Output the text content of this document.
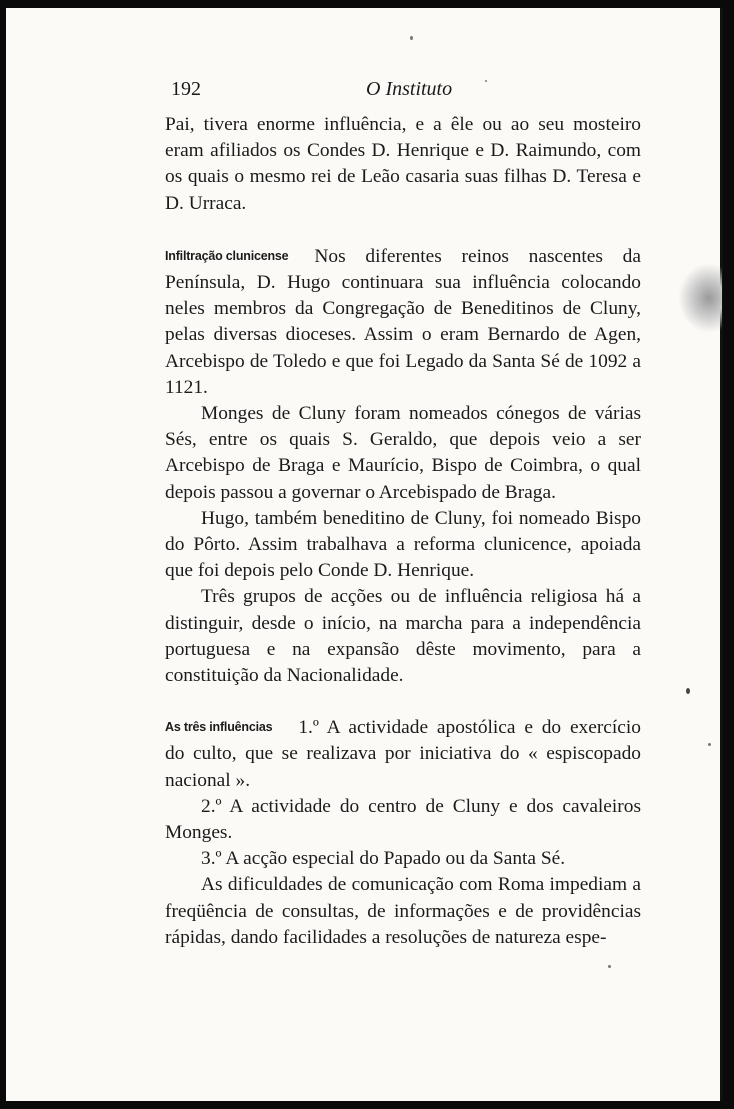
192	O Instituto

Pai, tivera enorme influência, e a êle ou ao seu mosteiro eram afiliados os Condes D. Henrique e D. Raimundo, com os quais o mesmo rei de Leão casaria suas filhas D. Teresa e D. Urraca.

Infiltração clunicense Nos diferentes reinos nascentes da Península, D. Hugo continuara sua influência colocando neles membros da Congregação de Beneditinos de Cluny, pelas diversas dioceses. Assim o eram Bernardo de Agen, Arcebispo de Toledo e que foi Legado da Santa Sé de 1092 a 1121.

Monges de Cluny foram nomeados cónegos de várias Sés, entre os quais S. Geraldo, que depois veio a ser Arcebispo de Braga e Maurício, Bispo de Coimbra, o qual depois passou a governar o Arcebispado de Braga.

Hugo, também beneditino de Cluny, foi nomeado Bispo do Pôrto. Assim trabalhava a reforma clunicence, apoiada que foi depois pelo Conde D. Henrique.

Três grupos de acções ou de influência religiosa há a distinguir, desde o início, na marcha para a independência portuguesa e na expansão dêste movimento, para a constituição da Nacionalidade.

As três influências 1.º A actividade apostólica e do exercício do culto, que se realizava por iniciativa do « espiscopado nacional ».

2.º A actividade do centro de Cluny e dos cavaleiros Monges.

3.º A acção especial do Papado ou da Santa Sé.

As dificuldades de comunicação com Roma impediam a freqüência de consultas, de informações e de providências rápidas, dando facilidades a resoluções de natureza espe-
